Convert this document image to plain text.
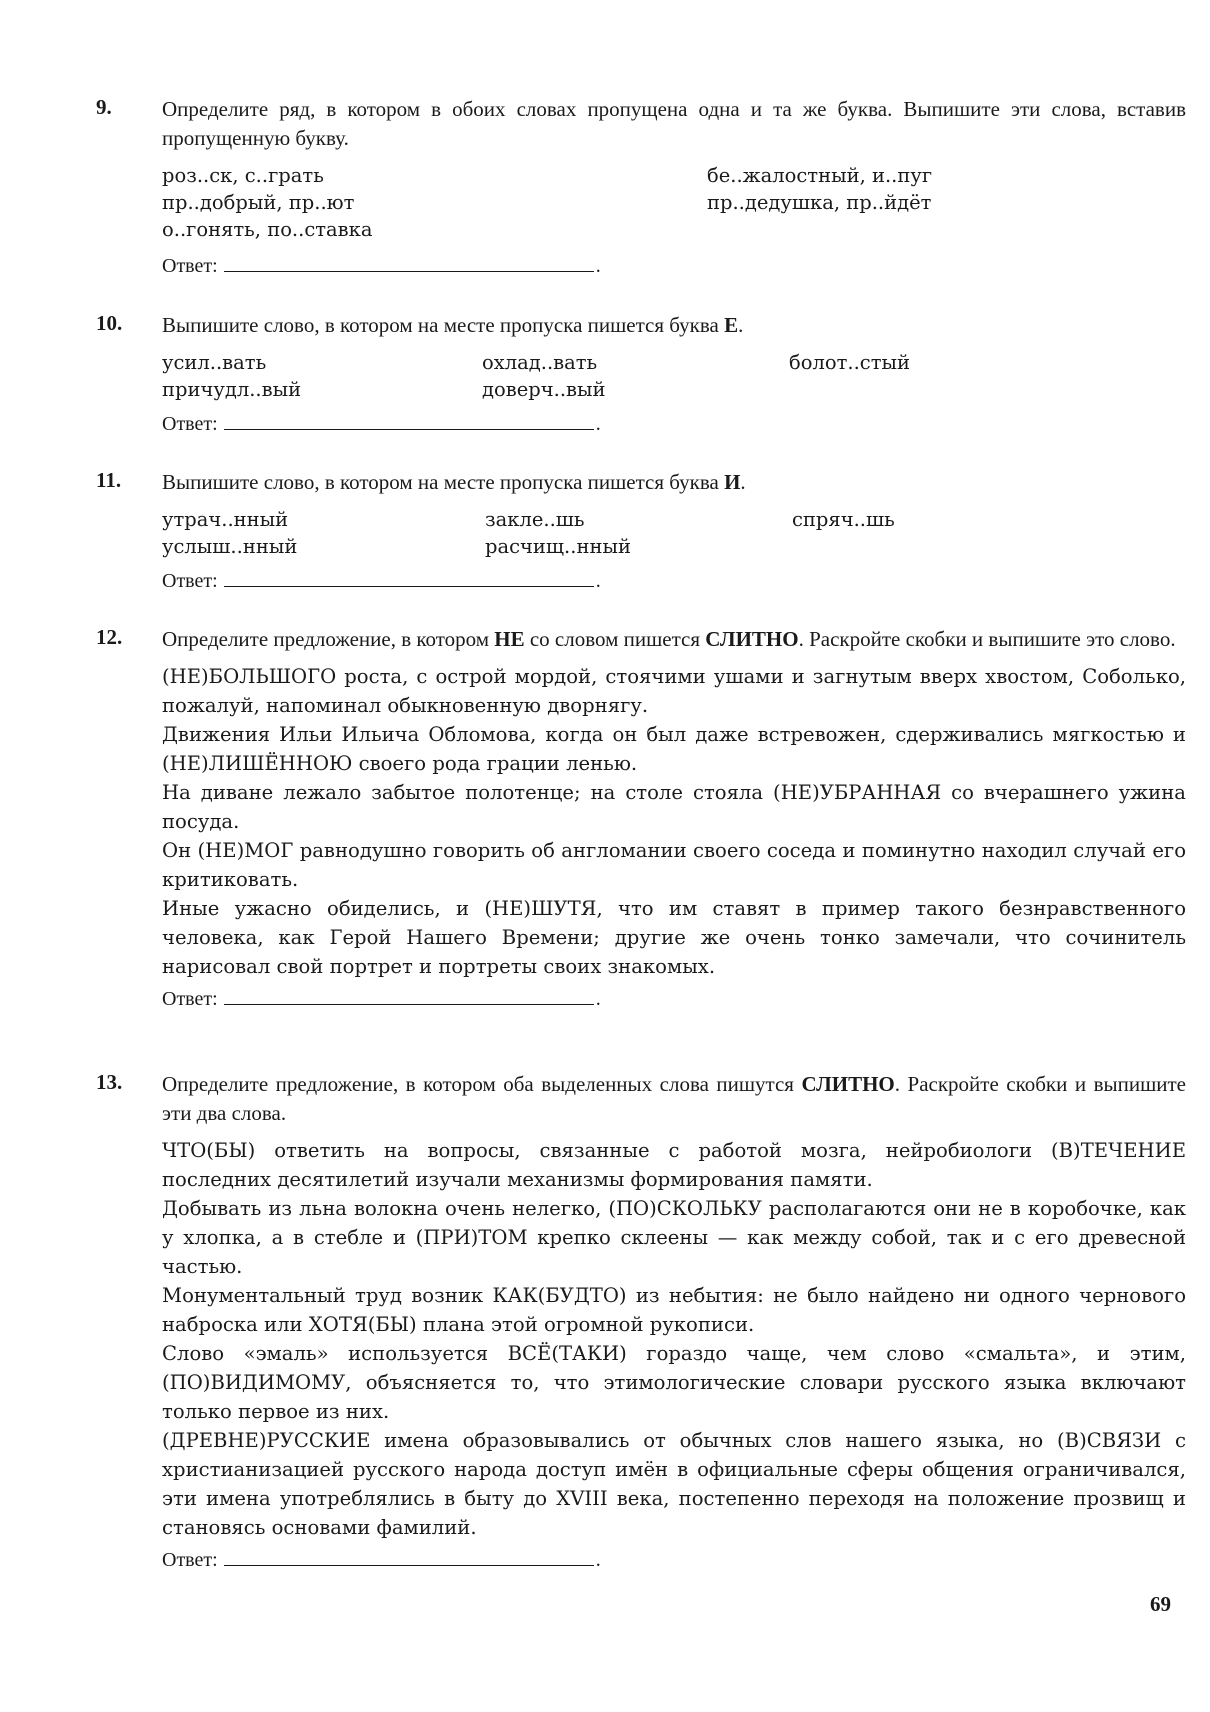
9. Определите ряд, в котором в обоих словах пропущена одна и та же буква. Выпишите эти слова, вставив пропущенную букву.

роз..ск, с..грать	бе..жалостный, и..пуг
пр..добрый, пр..ют	пр..дедушка, пр..йдёт
о..гонять, по..ставка
Ответ:	.
10. Выпишите слово, в котором на месте пропуска пишется буква Е.

усил..вать	охлад..вать	болот..стый
причудл..вый	доверч..вый
Ответ:	.
11. Выпишите слово, в котором на месте пропуска пишется буква И.

утрач..нный	закле..шь	спряч..шь
услыш..нный	расчищ..нный
Ответ:	.
12. Определите предложение, в котором НЕ со словом пишется СЛИТНО. Раскройте скобки и выпишите это слово.

(НЕ)БОЛЬШОГО роста, с острой мордой, стоячими ушами и загнутым вверх хвостом, Соболько, пожалуй, напоминал обыкновенную дворнягу.

Движения Ильи Ильича Обломова, когда он был даже встревожен, сдерживались мягкостью и (НЕ)ЛИШЁННОЮ своего рода грации ленью.

На диване лежало забытое полотенце; на столе стояла (НЕ)УБРАННАЯ со вчерашнего ужина посуда.

Он (НЕ)МОГ равнодушно говорить об англомании своего соседа и поминутно находил случай его критиковать.

Иные ужасно обиделись, и (НЕ)ШУТЯ, что им ставят в пример такого безнравственного человека, как Герой Нашего Времени; другие же очень тонко замечали, что сочинитель нарисовал свой портрет и портреты своих знакомых.

Ответ:	.
13. Определите предложение, в котором оба выделенных слова пишутся СЛИТНО. Раскройте скобки и выпишите эти два слова.

ЧТО(БЫ) ответить на вопросы, связанные с работой мозга, нейробиологи (В)ТЕЧЕНИЕ последних десятилетий изучали механизмы формирования памяти.

Добывать из льна волокна очень нелегко, (ПО)СКОЛЬКУ располагаются они не в коробочке, как у хлопка, а в стебле и (ПРИ)ТОМ крепко склеены — как между собой, так и с его древесной частью.

Монументальный труд возник КАК(БУДТО) из небытия: не было найдено ни одного чернового наброска или ХОТЯ(БЫ) плана этой огромной рукописи.

Слово «эмаль» используется ВСЁ(ТАКИ) гораздо чаще, чем слово «смальта», и этим, (ПО)ВИДИМОМУ, объясняется то, что этимологические словари русского языка включают только первое из них.

(ДРЕВНЕ)РУССКИЕ имена образовывались от обычных слов нашего языка, но (В)СВЯЗИ с христианизацией русского народа доступ имён в официальные сферы общения ограничивался, эти имена употреблялись в быту до XVIII века, постепенно переходя на положение прозвищ и становясь основами фамилий.

Ответ:	.
69
